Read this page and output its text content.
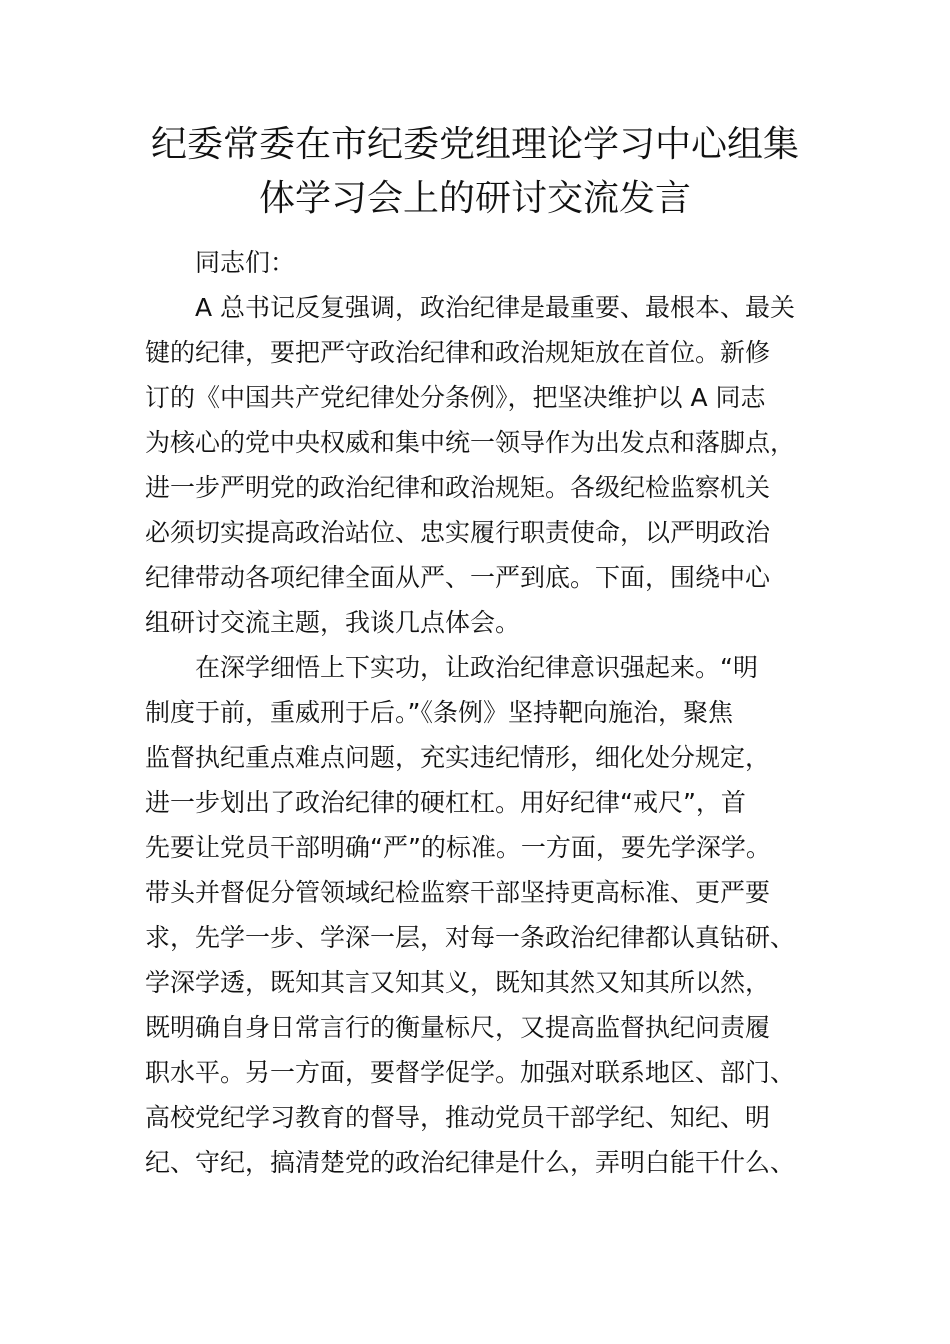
纪委常委在市纪委党组理论学习中心组集
体学习会上的研讨交流发言
同志们：
A 总书记反复强调，政治纪律是最重要、最根本、最关
键的纪律，要把严守政治纪律和政治规矩放在首位。新修
订的《中国共产党纪律处分条例》，把坚决维护以 A 同志
为核心的党中央权威和集中统一领导作为出发点和落脚点，
进一步严明党的政治纪律和政治规矩。各级纪检监察机关
必须切实提高政治站位、忠实履行职责使命，以严明政治
纪律带动各项纪律全面从严、一严到底。下面，围绕中心
组研讨交流主题，我谈几点体会。
在深学细悟上下实功，让政治纪律意识强起来。“明
制度于前，重威刑于后。”《条例》坚持靶向施治，聚焦
监督执纪重点难点问题，充实违纪情形，细化处分规定，
进一步划出了政治纪律的硬杠杠。用好纪律“戒尺”，首
先要让党员干部明确“严”的标准。一方面，要先学深学。
带头并督促分管领域纪检监察干部坚持更高标准、更严要
求，先学一步、学深一层，对每一条政治纪律都认真钻研、
学深学透，既知其言又知其义，既知其然又知其所以然，
既明确自身日常言行的衡量标尺，又提高监督执纪问责履
职水平。另一方面，要督学促学。加强对联系地区、部门、
高校党纪学习教育的督导，推动党员干部学纪、知纪、明
纪、守纪，搞清楚党的政治纪律是什么，弄明白能干什么、
